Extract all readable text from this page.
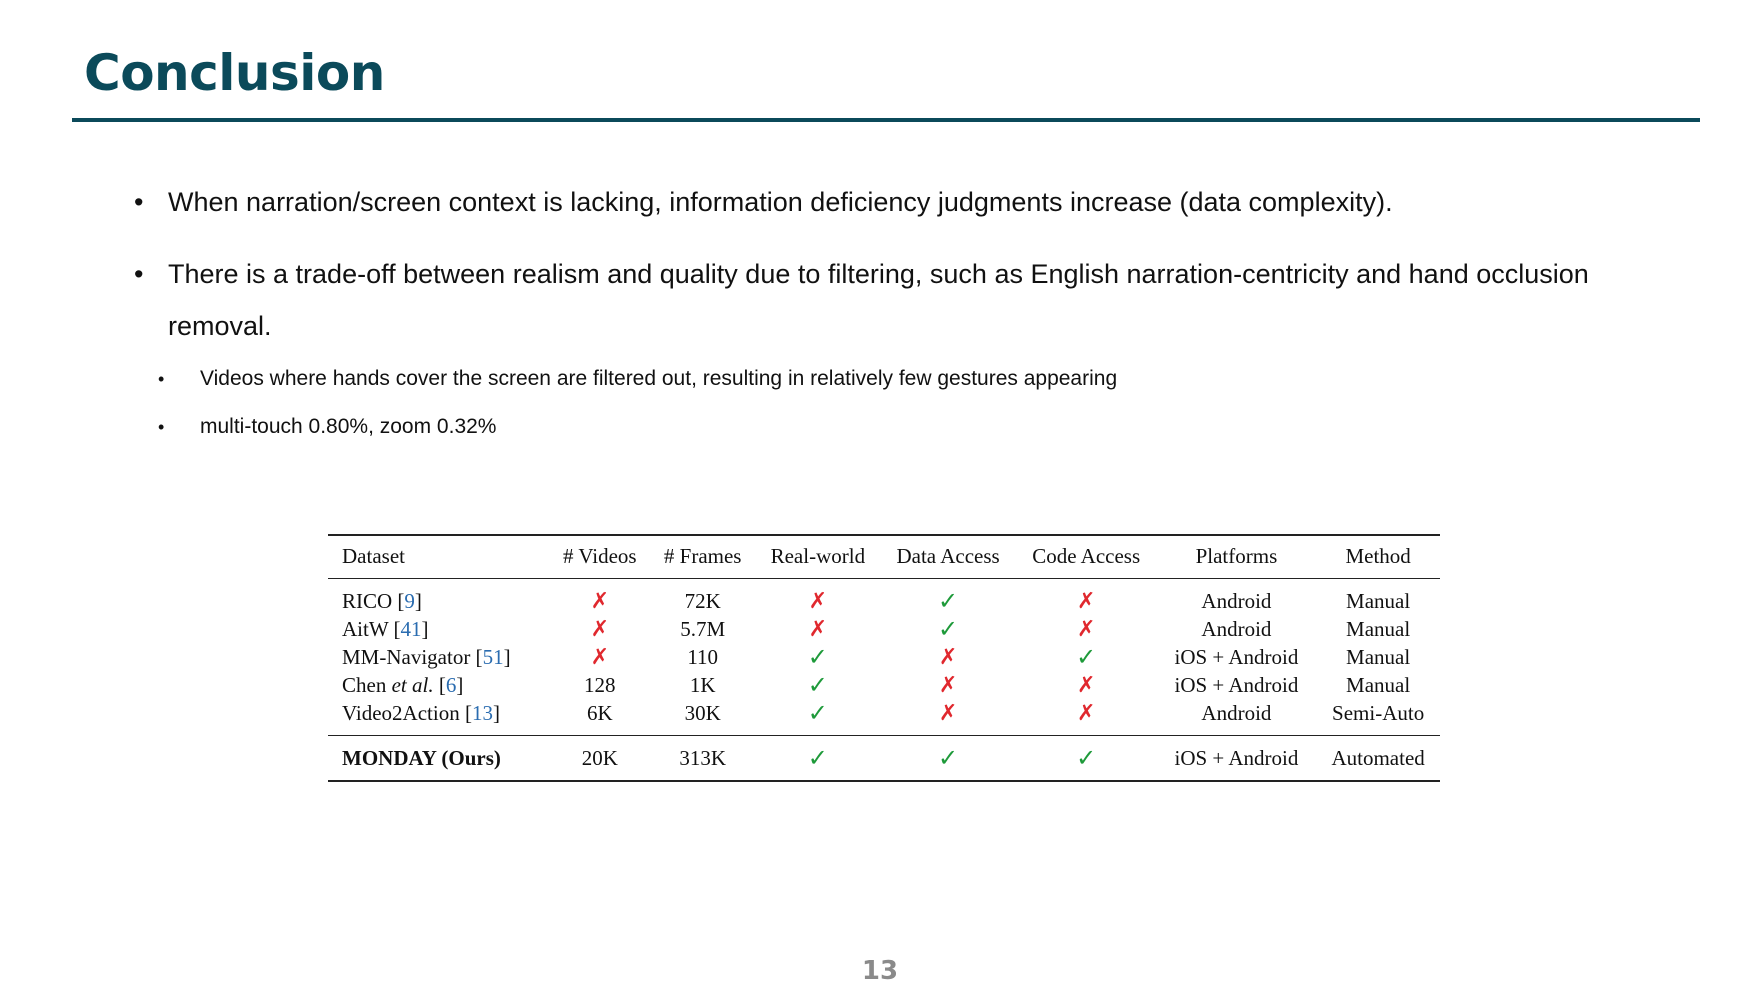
Conclusion
• When narration/screen context is lacking, information deficiency judgments increase (data complexity).
• There is a trade-off between realism and quality due to filtering, such as English narration-centricity and hand occlusion removal.
• Videos where hands cover the screen are filtered out, resulting in relatively few gestures appearing
• multi-touch 0.80%, zoom 0.32%
Dataset	# Videos	# Frames	Real-world	Data Access	Code Access	Platforms	Method
RICO [9]	✗	72K	✗	✓	✗	Android	Manual
AitW [41]	✗	5.7M	✗	✓	✗	Android	Manual
MM-Navigator [51]	✗	110	✓	✗	✓	iOS + Android	Manual
Chen et al. [6]	128	1K	✓	✗	✗	iOS + Android	Manual
Video2Action [13]	6K	30K	✓	✗	✗	Android	Semi-Auto
MONDAY (Ours)	20K	313K	✓	✓	✓	iOS + Android	Automated
13
